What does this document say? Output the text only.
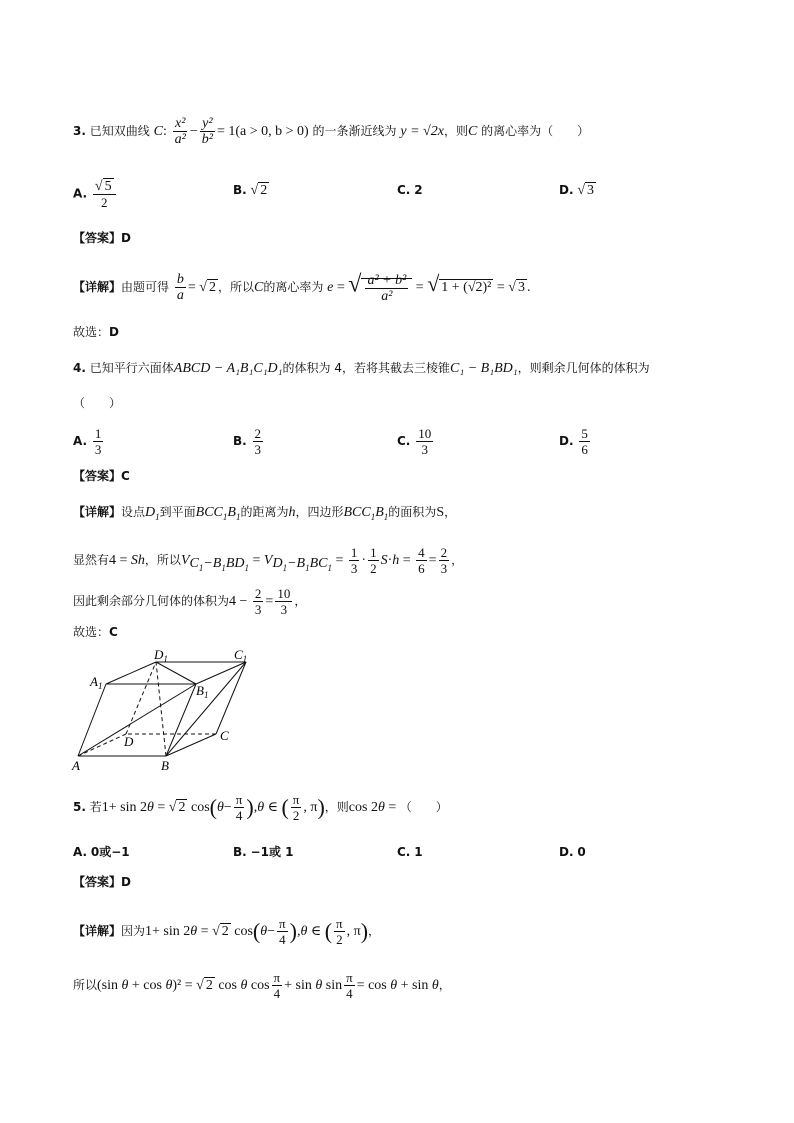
3. 已知双曲线 C: $\frac{\text{x²}}{\text{a²}} - \frac{\text{y²}}{\text{b²}} = 1(a > 0$, b > 0) 的一条渐近线为 y = √2x，则C 的离心率为（　　）
A. $\frac{√ 5}{2}$	B. √ 2	C. 2	D. √ 3
【答案】D
【详解】由题可得 $\frac{b}{a}$ = √ 2 ，所以C的离心率为 e = √ $\frac{\text{a² + b²}}{\text{a²}}$ = √ 1 + (√2)² = √ 3 .
故选：D
4. 已知平行六面体ABCD − A₁B₁C₁D₁的体积为 4，若将其截去三棱锥C₁ − B₁BD₁，则剩余几何体的体积为
（　　）
A. $\frac{1}{3}$	B. $\frac{2}{3}$	C. $\frac{10}{3}$	D. $\frac{5}{6}$
【答案】C
【详解】设点$D_1$到平面$BCC_1B_1$的距离为h，四边形$BCC_1B_1$的面积为S，
显然有4 = Sh，所以$V_{C_1-B_1BD_1} = V_{D_1-B_1BC_1} = \frac{1}{3} \cdot \frac{1}{2} S\cdot h = \frac{4}{6} = \frac{2}{3}$ ，
因此剩余部分几何体的体积为$4 - \frac{2}{3} = \frac{10}{3}$ ，
故选：C
$D_1$	$C_1$
$A_1$	$B_1$
D	C
A	B
5. 若1+ sin 2θ = √ 2 $\cos(\theta- \frac{\pi}{4} ),\theta$ ∈ ( $\frac{\pi}{2}$ , π)，则cos 2θ = （　　）
A. 0或−1	B. −1或 1	C. 1	D. 0
【答案】D
【详解】因为1+ sin 2θ = √ 2 $\cos(\theta- \frac{\pi}{4} ),\theta$ ∈ ( $\frac{\pi}{2}$ , π)，
所以(sin θ + cos θ)² = √ 2 cos θ $\cos \frac{\pi}{4} + \sin \theta$ $\sin \frac{\pi}{4} = \cos \theta + \sin \theta$，
